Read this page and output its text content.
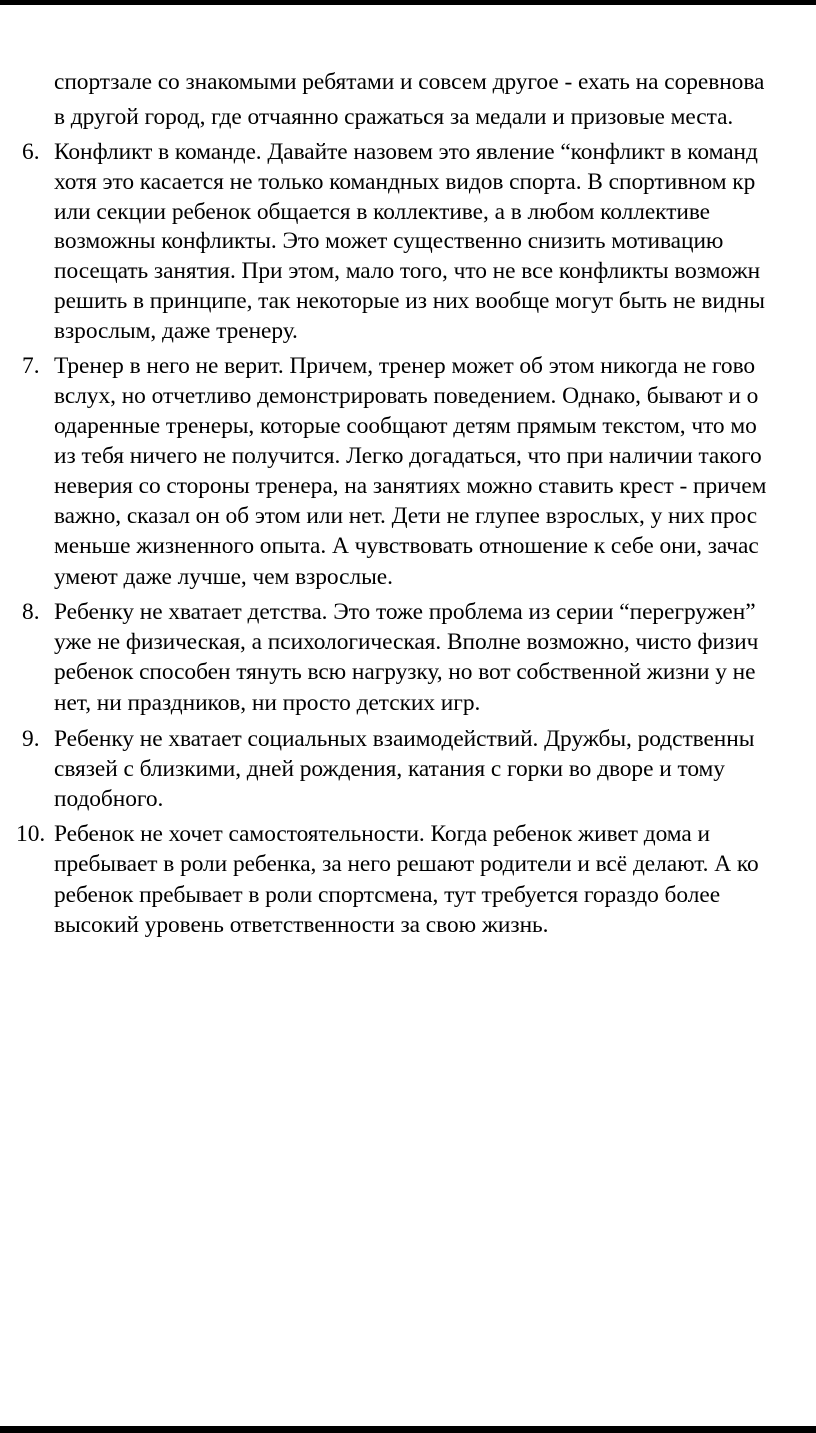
спортзале со знакомыми ребятами и совсем другое - ехать на соревнова
в другой город, где отчаянно сражаться за медали и призовые места.
6. Конфликт в команде. Давайте назовем это явление “конфликт в команд
хотя это касается не только командных видов спорта. В спортивном кр
или секции ребенок общается в коллективе, а в любом коллективе
возможны конфликты. Это может существенно снизить мотивацию
посещать занятия. При этом, мало того, что не все конфликты возможн
решить в принципе, так некоторые из них вообще могут быть не видны
взрослым, даже тренеру.
7. Тренер в него не верит. Причем, тренер может об этом никогда не гово
вслух, но отчетливо демонстрировать поведением. Однако, бывают и о
одаренные тренеры, которые сообщают детям прямым текстом, что мо
из тебя ничего не получится. Легко догадаться, что при наличии такого
неверия со стороны тренера, на занятиях можно ставить крест - причем
важно, сказал он об этом или нет. Дети не глупее взрослых, у них прос
меньше жизненного опыта. А чувствовать отношение к себе они, зачас
умеют даже лучше, чем взрослые.
8. Ребенку не хватает детства. Это тоже проблема из серии “перегружен”
уже не физическая, а психологическая. Вполне возможно, чисто физич
ребенок способен тянуть всю нагрузку, но вот собственной жизни у не
нет, ни праздников, ни просто детских игр.
9. Ребенку не хватает социальных взаимодействий. Дружбы, родственны
связей с близкими, дней рождения, катания с горки во дворе и тому
подобного.
10. Ребенок не хочет самостоятельности. Когда ребенок живет дома и
пребывает в роли ребенка, за него решают родители и всё делают. А ко
ребенок пребывает в роли спортсмена, тут требуется гораздо более
высокий уровень ответственности за свою жизнь.
